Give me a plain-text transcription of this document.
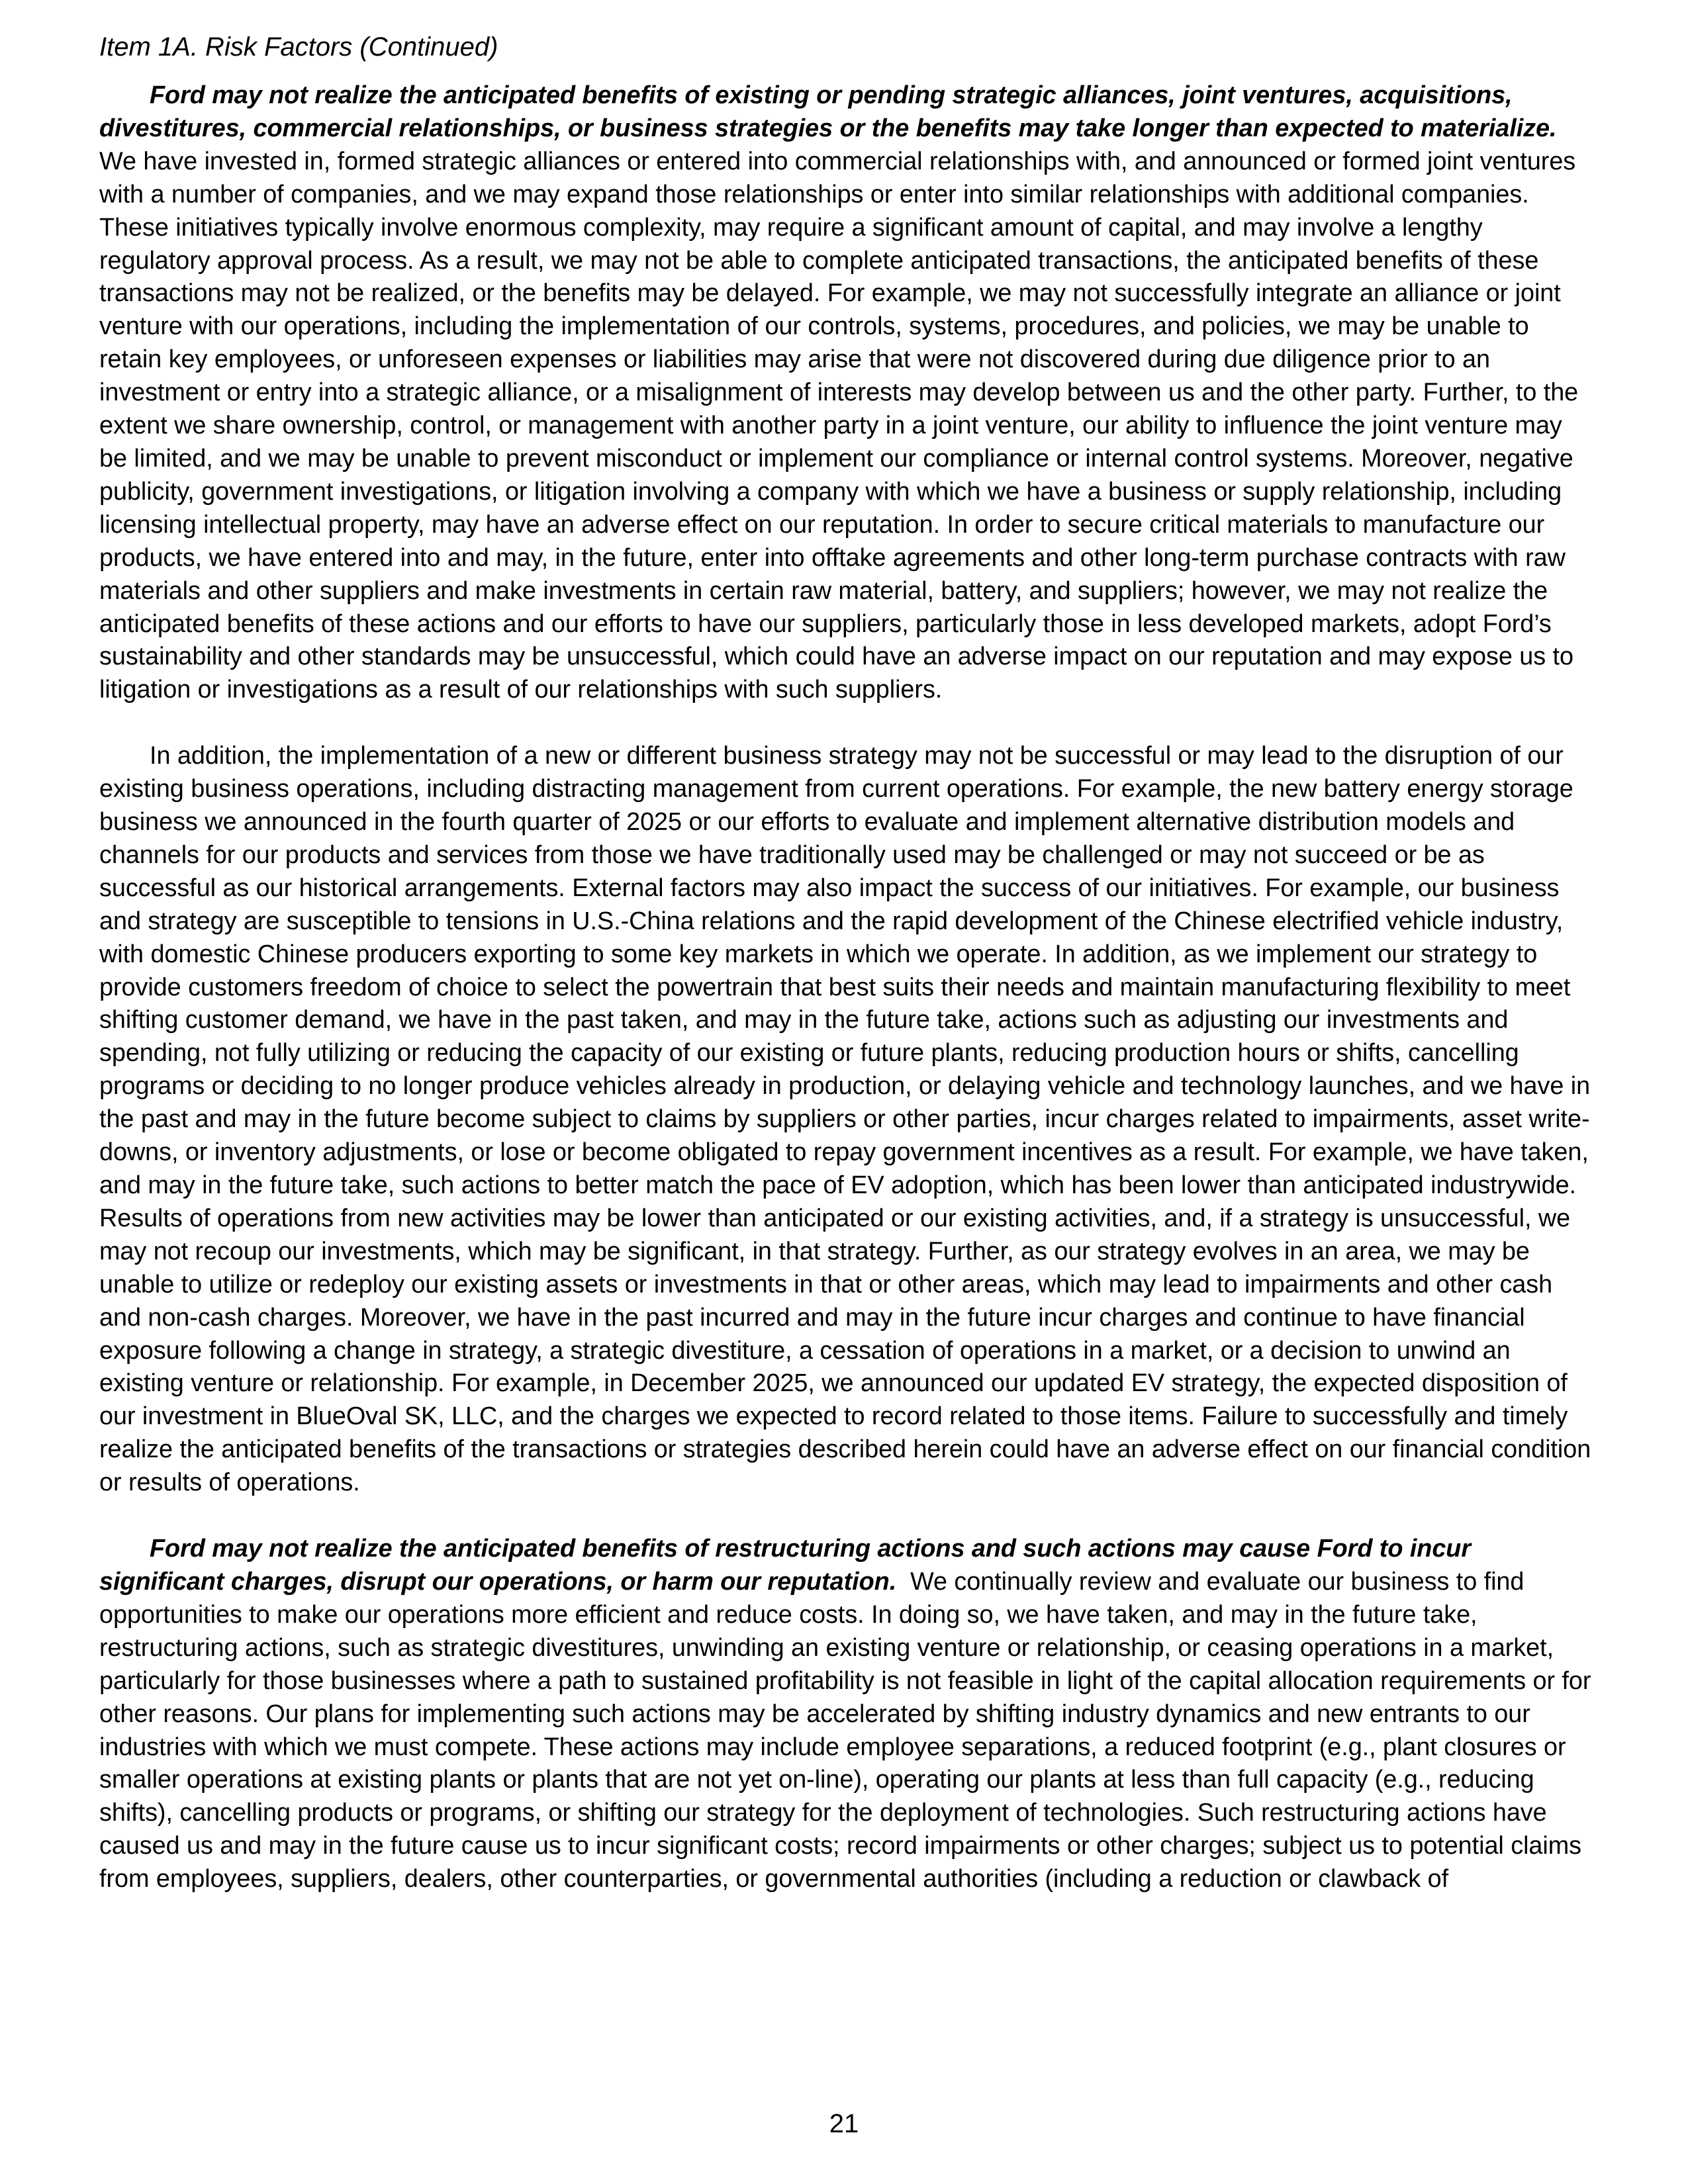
Item 1A. Risk Factors (Continued)

Ford may not realize the anticipated benefits of existing or pending strategic alliances, joint ventures, acquisitions, divestitures, commercial relationships, or business strategies or the benefits may take longer than expected to materialize.  We have invested in, formed strategic alliances or entered into commercial relationships with, and announced or formed joint ventures with a number of companies, and we may expand those relationships or enter into similar relationships with additional companies. These initiatives typically involve enormous complexity, may require a significant amount of capital, and may involve a lengthy regulatory approval process. As a result, we may not be able to complete anticipated transactions, the anticipated benefits of these transactions may not be realized, or the benefits may be delayed. For example, we may not successfully integrate an alliance or joint venture with our operations, including the implementation of our controls, systems, procedures, and policies, we may be unable to retain key employees, or unforeseen expenses or liabilities may arise that were not discovered during due diligence prior to an investment or entry into a strategic alliance, or a misalignment of interests may develop between us and the other party. Further, to the extent we share ownership, control, or management with another party in a joint venture, our ability to influence the joint venture may be limited, and we may be unable to prevent misconduct or implement our compliance or internal control systems. Moreover, negative publicity, government investigations, or litigation involving a company with which we have a business or supply relationship, including licensing intellectual property, may have an adverse effect on our reputation. In order to secure critical materials to manufacture our products, we have entered into and may, in the future, enter into offtake agreements and other long-term purchase contracts with raw materials and other suppliers and make investments in certain raw material, battery, and suppliers; however, we may not realize the anticipated benefits of these actions and our efforts to have our suppliers, particularly those in less developed markets, adopt Ford’s sustainability and other standards may be unsuccessful, which could have an adverse impact on our reputation and may expose us to litigation or investigations as a result of our relationships with such suppliers.

In addition, the implementation of a new or different business strategy may not be successful or may lead to the disruption of our existing business operations, including distracting management from current operations. For example, the new battery energy storage business we announced in the fourth quarter of 2025 or our efforts to evaluate and implement alternative distribution models and channels for our products and services from those we have traditionally used may be challenged or may not succeed or be as successful as our historical arrangements. External factors may also impact the success of our initiatives. For example, our business and strategy are susceptible to tensions in U.S.-China relations and the rapid development of the Chinese electrified vehicle industry, with domestic Chinese producers exporting to some key markets in which we operate. In addition, as we implement our strategy to provide customers freedom of choice to select the powertrain that best suits their needs and maintain manufacturing flexibility to meet shifting customer demand, we have in the past taken, and may in the future take, actions such as adjusting our investments and spending, not fully utilizing or reducing the capacity of our existing or future plants, reducing production hours or shifts, cancelling programs or deciding to no longer produce vehicles already in production, or delaying vehicle and technology launches, and we have in the past and may in the future become subject to claims by suppliers or other parties, incur charges related to impairments, asset write-downs, or inventory adjustments, or lose or become obligated to repay government incentives as a result. For example, we have taken, and may in the future take, such actions to better match the pace of EV adoption, which has been lower than anticipated industrywide. Results of operations from new activities may be lower than anticipated or our existing activities, and, if a strategy is unsuccessful, we may not recoup our investments, which may be significant, in that strategy. Further, as our strategy evolves in an area, we may be unable to utilize or redeploy our existing assets or investments in that or other areas, which may lead to impairments and other cash and non-cash charges. Moreover, we have in the past incurred and may in the future incur charges and continue to have financial exposure following a change in strategy, a strategic divestiture, a cessation of operations in a market, or a decision to unwind an existing venture or relationship. For example, in December 2025, we announced our updated EV strategy, the expected disposition of our investment in BlueOval SK, LLC, and the charges we expected to record related to those items. Failure to successfully and timely realize the anticipated benefits of the transactions or strategies described herein could have an adverse effect on our financial condition or results of operations.

Ford may not realize the anticipated benefits of restructuring actions and such actions may cause Ford to incur significant charges, disrupt our operations, or harm our reputation. We continually review and evaluate our business to find opportunities to make our operations more efficient and reduce costs. In doing so, we have taken, and may in the future take, restructuring actions, such as strategic divestitures, unwinding an existing venture or relationship, or ceasing operations in a market, particularly for those businesses where a path to sustained profitability is not feasible in light of the capital allocation requirements or for other reasons. Our plans for implementing such actions may be accelerated by shifting industry dynamics and new entrants to our industries with which we must compete. These actions may include employee separations, a reduced footprint (e.g., plant closures or smaller operations at existing plants or plants that are not yet on-line), operating our plants at less than full capacity (e.g., reducing shifts), cancelling products or programs, or shifting our strategy for the deployment of technologies. Such restructuring actions have caused us and may in the future cause us to incur significant costs; record impairments or other charges; subject us to potential claims from employees, suppliers, dealers, other counterparties, or governmental authorities (including a reduction or clawback of

21
